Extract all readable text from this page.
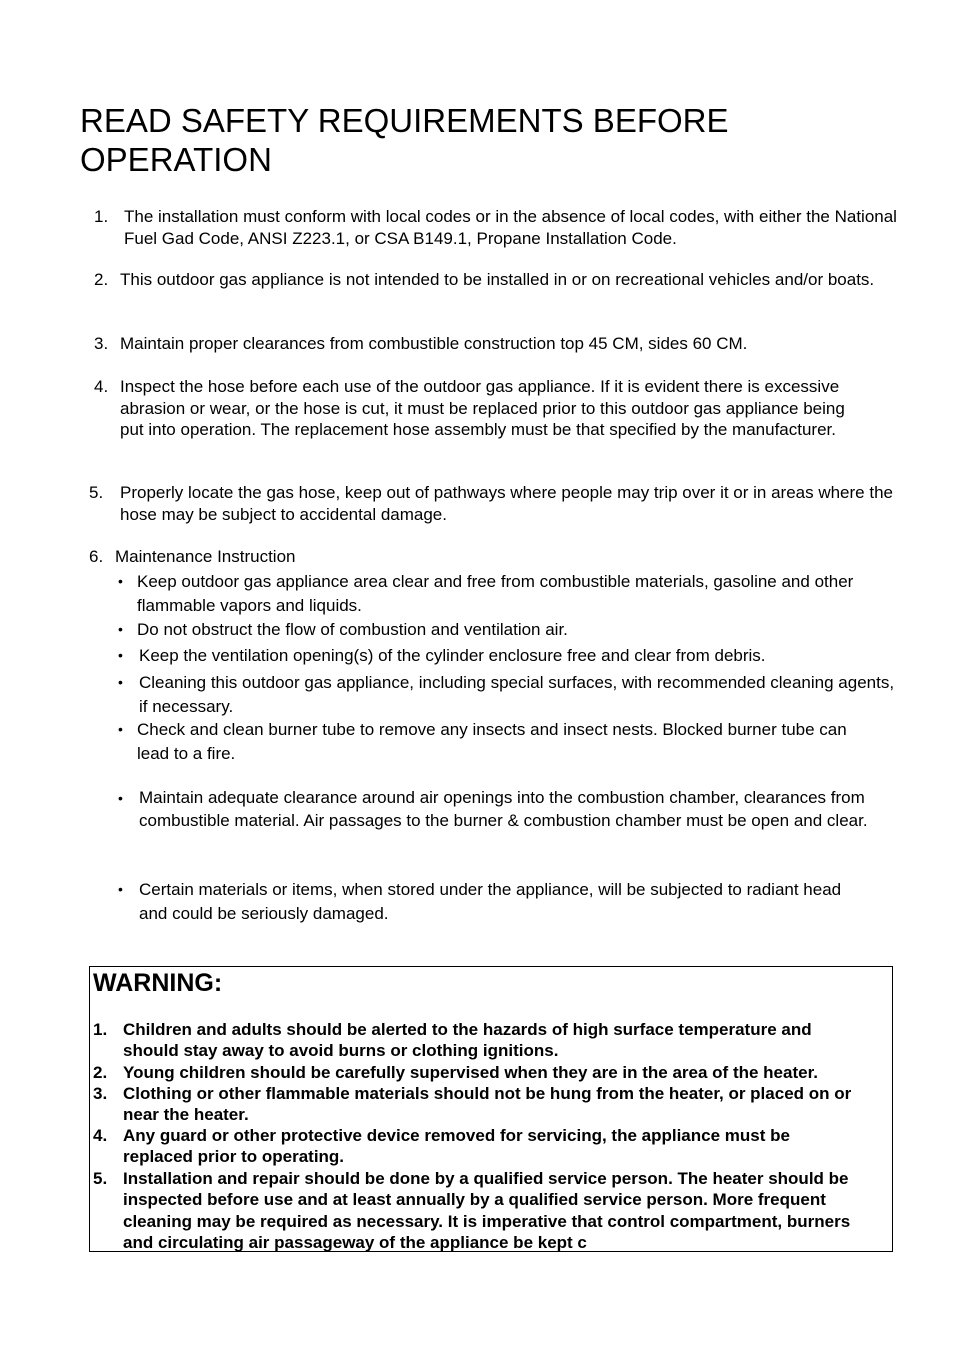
READ SAFETY REQUIREMENTS BEFORE OPERATION
1. The installation must conform with local codes or in the absence of local codes, with either the National Fuel Gad Code, ANSI Z223.1, or CSA B149.1, Propane Installation Code.
2. This outdoor gas appliance is not intended to be installed in or on recreational vehicles and/or boats.
3. Maintain proper clearances from combustible construction top 45 CM, sides 60 CM.
4. Inspect the hose before each use of the outdoor gas appliance. If it is evident there is excessive abrasion or wear, or the hose is cut, it must be replaced prior to this outdoor gas appliance being put into operation. The replacement hose assembly must be that specified by the manufacturer.
5. Properly locate the gas hose, keep out of pathways where people may trip over it or in areas where the hose may be subject to accidental damage.
6. Maintenance Instruction
• Keep outdoor gas appliance area clear and free from combustible materials, gasoline and other flammable vapors and liquids.
• Do not obstruct the flow of combustion and ventilation air.
• Keep the ventilation opening(s) of the cylinder enclosure free and clear from debris.
• Cleaning this outdoor gas appliance, including special surfaces, with recommended cleaning agents, if necessary.
• Check and clean burner tube to remove any insects and insect nests. Blocked burner tube can lead to a fire.
• Maintain adequate clearance around air openings into the combustion chamber, clearances from combustible material. Air passages to the burner & combustion chamber must be open and clear.
• Certain materials or items, when stored under the appliance, will be subjected to radiant head and could be seriously damaged.
WARNING:
1. Children and adults should be alerted to the hazards of high surface temperature and should stay away to avoid burns or clothing ignitions.
2. Young children should be carefully supervised when they are in the area of the heater.
3. Clothing or other flammable materials should not be hung from the heater, or placed on or near the heater.
4. Any guard or other protective device removed for servicing, the appliance must be replaced prior to operating.
5. Installation and repair should be done by a qualified service person. The heater should be inspected before use and at least annually by a qualified service person. More frequent cleaning may be required as necessary. It is imperative that control compartment, burners and circulating air passageway of the appliance be kept c
